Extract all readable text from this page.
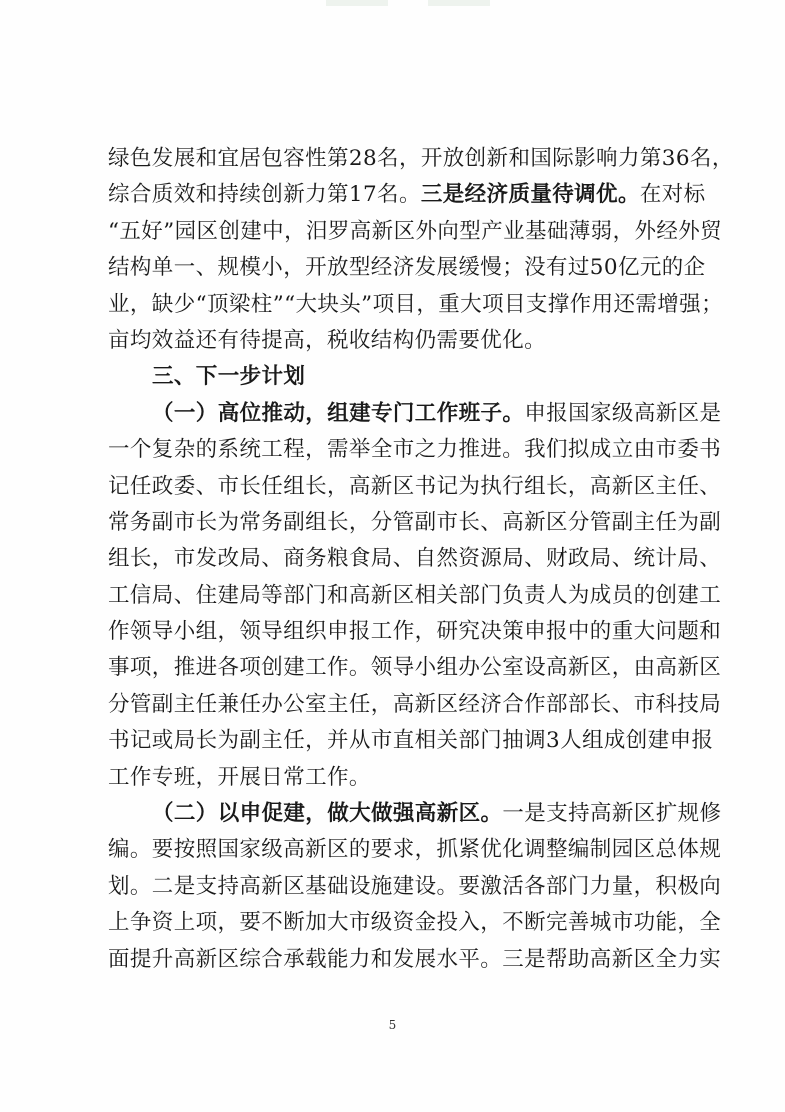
绿色发展和宜居包容性第28名，开放创新和国际影响力第36名，
综合质效和持续创新力第17名。三是经济质量待调优。在对标
“五好”园区创建中，汨罗高新区外向型产业基础薄弱，外经外贸
结构单一、规模小，开放型经济发展缓慢；没有过50亿元的企
业，缺少“顶梁柱”“大块头”项目，重大项目支撑作用还需增强；
亩均效益还有待提高，税收结构仍需要优化。
三、下一步计划
（一）高位推动，组建专门工作班子。申报国家级高新区是
一个复杂的系统工程，需举全市之力推进。我们拟成立由市委书
记任政委、市长任组长，高新区书记为执行组长，高新区主任、
常务副市长为常务副组长，分管副市长、高新区分管副主任为副
组长，市发改局、商务粮食局、自然资源局、财政局、统计局、
工信局、住建局等部门和高新区相关部门负责人为成员的创建工
作领导小组，领导组织申报工作，研究决策申报中的重大问题和
事项，推进各项创建工作。领导小组办公室设高新区，由高新区
分管副主任兼任办公室主任，高新区经济合作部部长、市科技局
书记或局长为副主任，并从市直相关部门抽调3人组成创建申报
工作专班，开展日常工作。
（二）以申促建，做大做强高新区。一是支持高新区扩规修
编。要按照国家级高新区的要求，抓紧优化调整编制园区总体规
划。二是支持高新区基础设施建设。要激活各部门力量，积极向
上争资上项，要不断加大市级资金投入，不断完善城市功能，全
面提升高新区综合承载能力和发展水平。三是帮助高新区全力实
5
